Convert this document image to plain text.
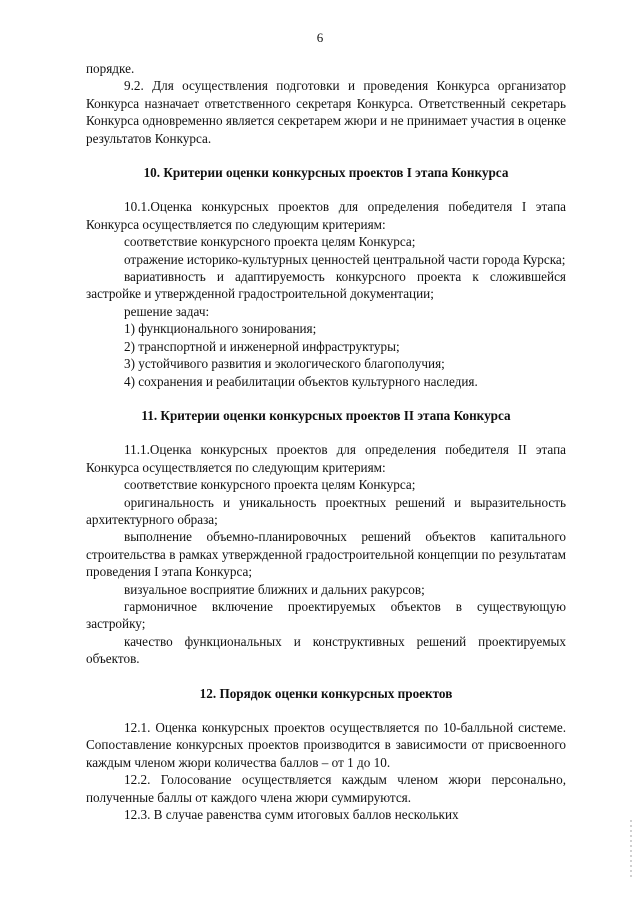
6

порядке.

9.2. Для осуществления подготовки и проведения Конкурса организатор Конкурса назначает ответственного секретаря Конкурса. Ответственный секретарь Конкурса одновременно является секретарем жюри и не принимает участия в оценке результатов Конкурса.

10. Критерии оценки конкурсных проектов I этапа Конкурса

10.1.Оценка конкурсных проектов для определения победителя I этапа Конкурса осуществляется по следующим критериям:

соответствие конкурсного проекта целям Конкурса;

отражение историко-культурных ценностей центральной части города Курска;

вариативность и адаптируемость конкурсного проекта к сложившейся застройке и утвержденной градостроительной документации;

решение задач:

1) функционального зонирования;

2) транспортной и инженерной инфраструктуры;

3) устойчивого развития и экологического благополучия;

4) сохранения и реабилитации объектов культурного наследия.

11. Критерии оценки конкурсных проектов II этапа Конкурса

11.1.Оценка конкурсных проектов для определения победителя II этапа Конкурса осуществляется по следующим критериям:

соответствие конкурсного проекта целям Конкурса;

оригинальность и уникальность проектных решений и выразительность архитектурного образа;

выполнение объемно-планировочных решений объектов капитального строительства в рамках утвержденной градостроительной концепции по результатам проведения I этапа Конкурса;

визуальное восприятие ближних и дальних ракурсов;

гармоничное включение проектируемых объектов в существующую застройку;

качество функциональных и конструктивных решений проектируемых объектов.

12. Порядок оценки конкурсных проектов

12.1. Оценка конкурсных проектов осуществляется по 10-балльной системе. Сопоставление конкурсных проектов производится в зависимости от присвоенного каждым членом жюри количества баллов – от 1 до 10.

12.2. Голосование осуществляется каждым членом жюри персонально, полученные баллы от каждого члена жюри суммируются.

12.3. В случае равенства сумм итоговых баллов нескольких
